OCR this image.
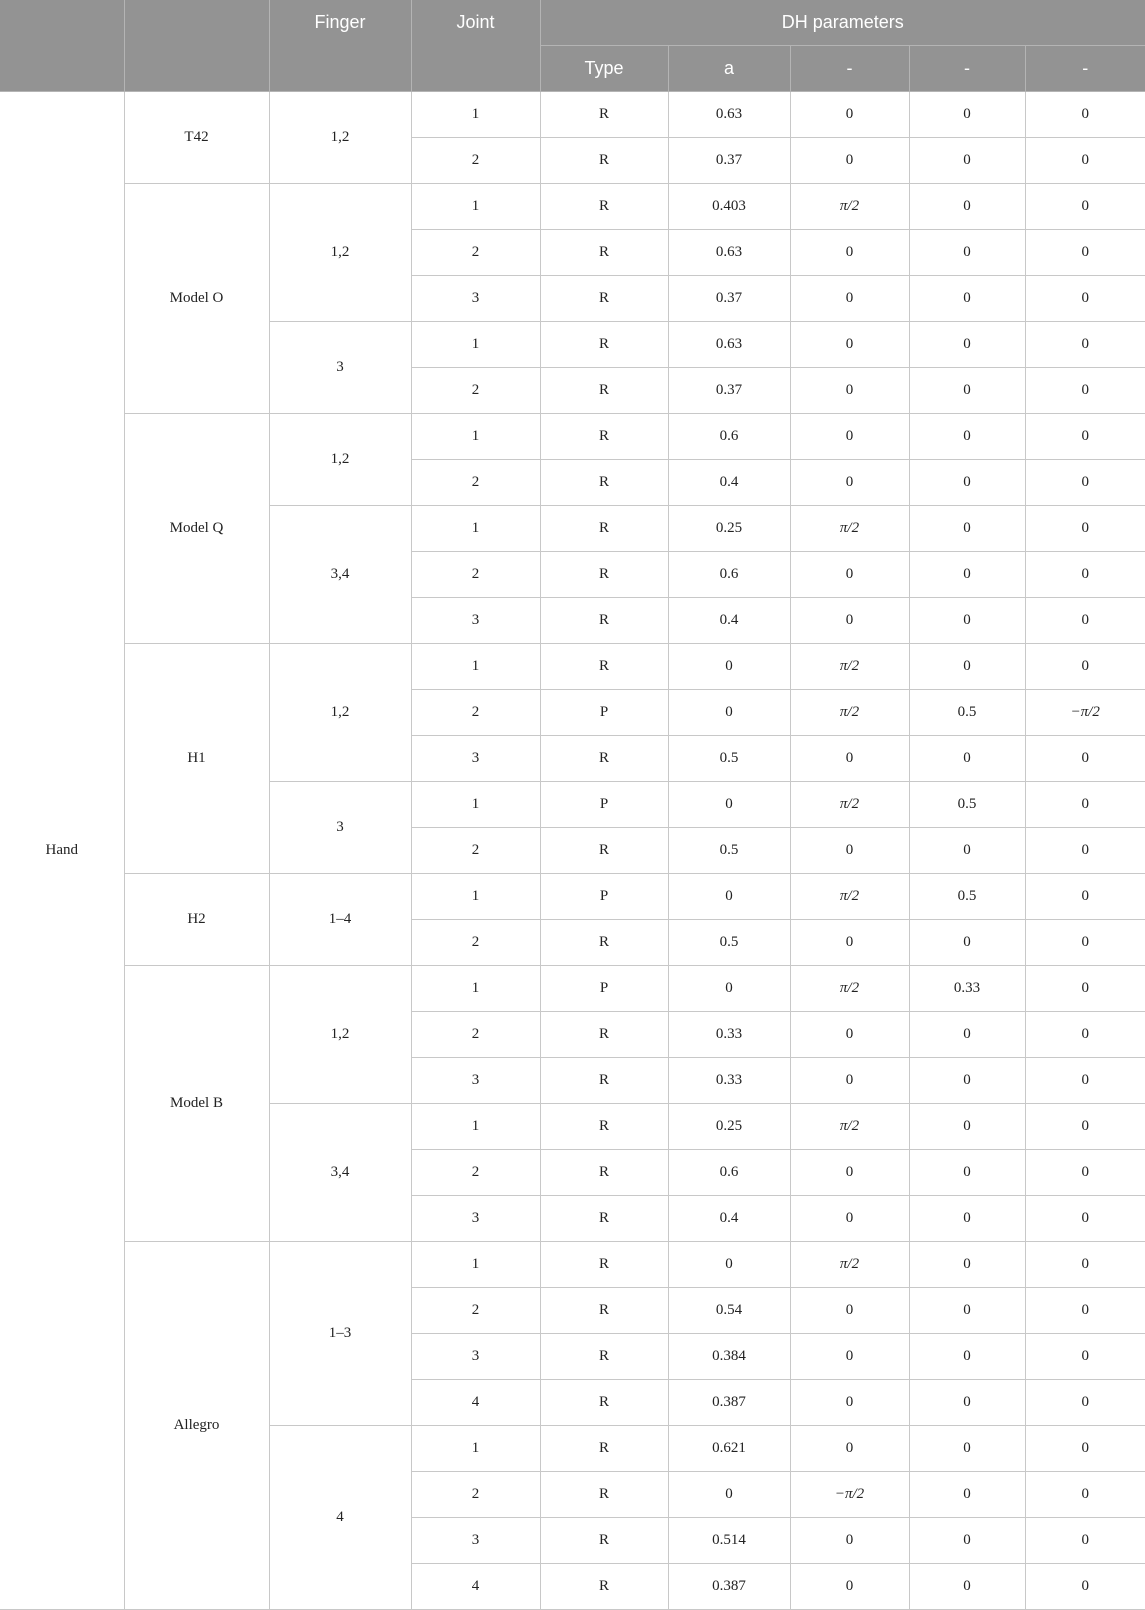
		Finger	Joint	DH parameters				
				Type	a	-	-	-
Hand	T42	1,2	1	R	0.63	0	0	0
			2	R	0.37	0	0	0
	Model O	1,2	1	R	0.403	π/2	0	0
			2	R	0.63	0	0	0
			3	R	0.37	0	0	0
		3	1	R	0.63	0	0	0
			2	R	0.37	0	0	0
	Model Q	1,2	1	R	0.6	0	0	0
			2	R	0.4	0	0	0
		3,4	1	R	0.25	π/2	0	0
			2	R	0.6	0	0	0
			3	R	0.4	0	0	0
	H1	1,2	1	R	0	π/2	0	0
			2	P	0	π/2	0.5	−π/2
			3	R	0.5	0	0	0
		3	1	P	0	π/2	0.5	0
			2	R	0.5	0	0	0
	H2	1–4	1	P	0	π/2	0.5	0
			2	R	0.5	0	0	0
	Model B	1,2	1	P	0	π/2	0.33	0
			2	R	0.33	0	0	0
			3	R	0.33	0	0	0
		3,4	1	R	0.25	π/2	0	0
			2	R	0.6	0	0	0
			3	R	0.4	0	0	0
	Allegro	1–3	1	R	0	π/2	0	0
			2	R	0.54	0	0	0
			3	R	0.384	0	0	0
			4	R	0.387	0	0	0
		4	1	R	0.621	0	0	0
			2	R	0	−π/2	0	0
			3	R	0.514	0	0	0
			4	R	0.387	0	0	0
